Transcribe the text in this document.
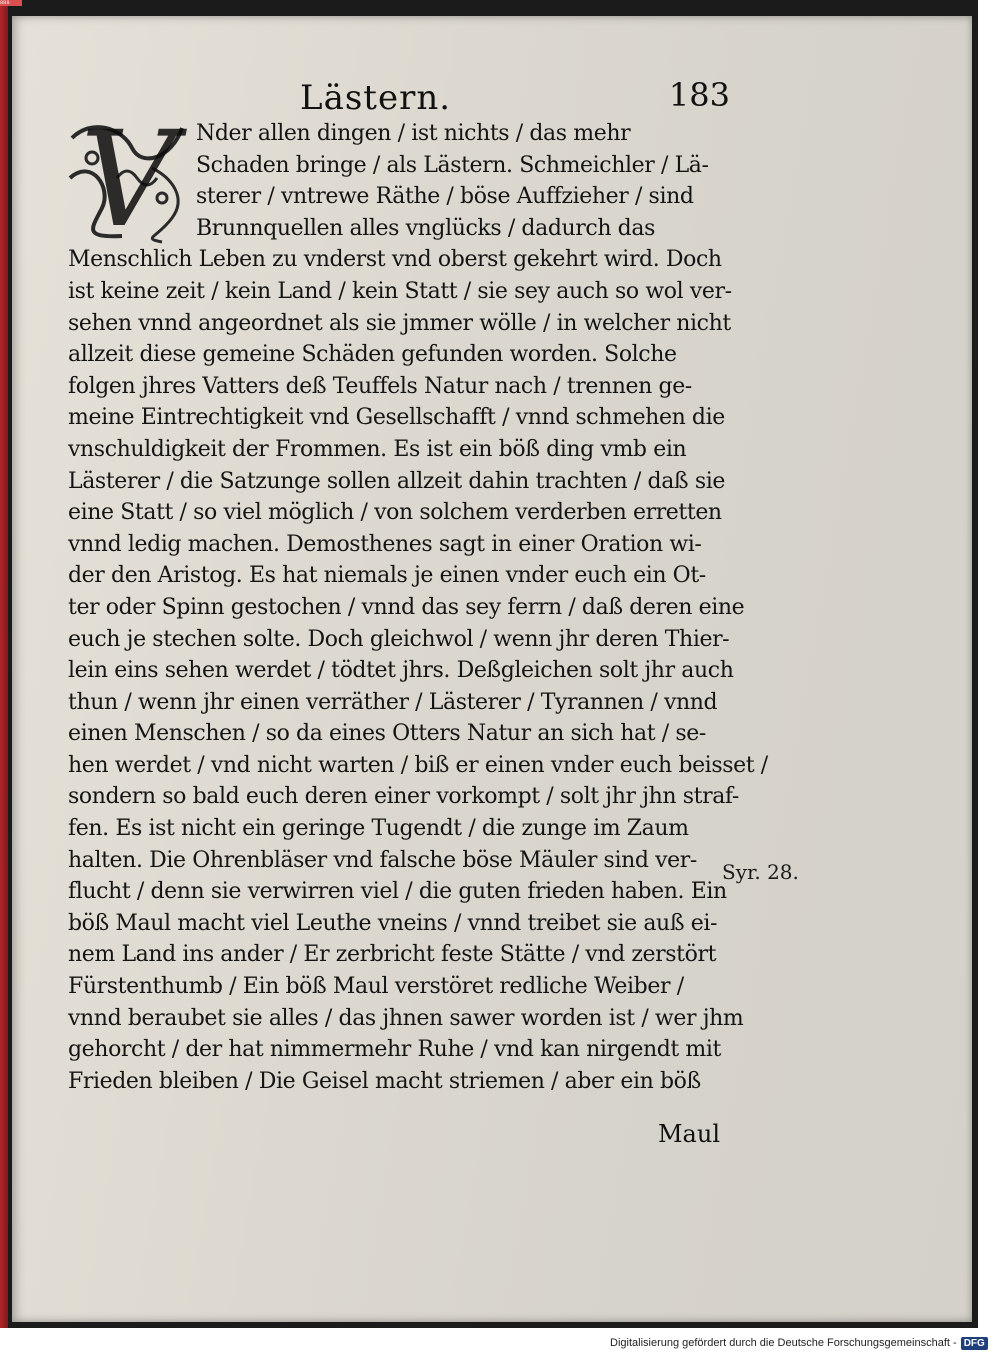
888
Lästern.	183
V Nder allen dingen / ist nichts / das mehr
Schaden bringe / als Lästern. Schmeichler / Lä-
sterer / vntrewe Räthe / böse Auffzieher / sind
Brunnquellen alles vnglücks / dadurch das
Menschlich Leben zu vnderst vnd oberst gekehrt wird. Doch
ist keine zeit / kein Land / kein Statt / sie sey auch so wol ver-
sehen vnnd angeordnet als sie jmmer wölle / in welcher nicht
allzeit diese gemeine Schäden gefunden worden. Solche
folgen jhres Vatters deß Teuffels Natur nach / trennen ge-
meine Eintrechtigkeit vnd Gesellschafft / vnnd schmehen die
vnschuldigkeit der Frommen. Es ist ein böß ding vmb ein
Lästerer / die Satzunge sollen allzeit dahin trachten / daß sie
eine Statt / so viel möglich / von solchem verderben erretten
vnnd ledig machen. Demosthenes sagt in einer Oration wi-
der den Aristog. Es hat niemals je einen vnder euch ein Ot-
ter oder Spinn gestochen / vnnd das sey ferrn / daß deren eine
euch je stechen solte. Doch gleichwol / wenn jhr deren Thier-
lein eins sehen werdet / tödtet jhrs. Deßgleichen solt jhr auch
thun / wenn jhr einen verräther / Lästerer / Tyrannen / vnnd
einen Menschen / so da eines Otters Natur an sich hat / se-
hen werdet / vnd nicht warten / biß er einen vnder euch beisset /
sondern so bald euch deren einer vorkompt / solt jhr jhn straf-
fen. Es ist nicht ein geringe Tugendt / die zunge im Zaum
halten. Die Ohrenbläser vnd falsche böse Mäuler sind ver-
flucht / denn sie verwirren viel / die guten frieden haben. Ein
böß Maul macht viel Leuthe vneins / vnnd treibet sie auß ei-
nem Land ins ander / Er zerbricht feste Stätte / vnd zerstört
Fürstenthumb / Ein böß Maul verstöret redliche Weiber /
vnnd beraubet sie alles / das jhnen sawer worden ist / wer jhm
gehorcht / der hat nimmermehr Ruhe / vnd kan nirgendt mit
Frieden bleiben / Die Geisel macht striemen / aber ein böß
Syr. 28.
Maul
Digitalisierung gefördert durch die Deutsche Forschungsgemeinschaft - DFG
